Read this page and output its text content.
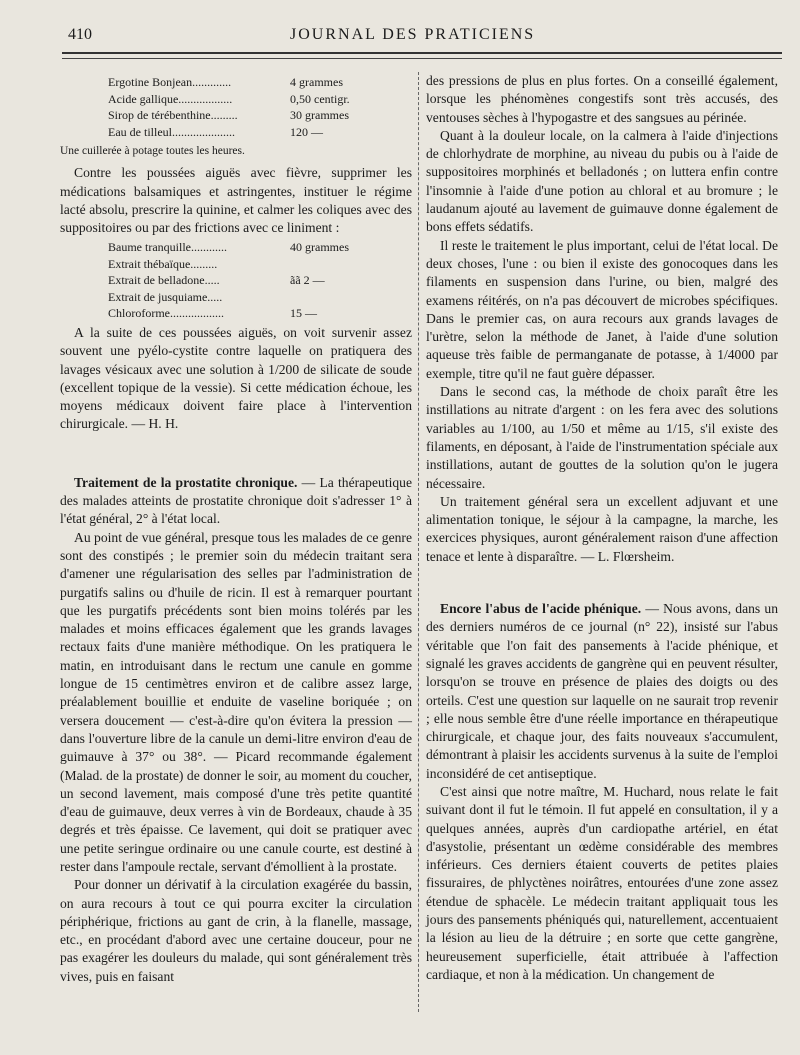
410	JOURNAL DES PRATICIENS
Ergotine Bonjean.............	4 grammes
Acide gallique..................	0,50 centigr.
Sirop de térébenthine.........	30 grammes
Eau de tilleul.....................	120 —

Une cuillerée à potage toutes les heures.

Contre les poussées aiguës avec fièvre, supprimer les médications balsamiques et astringentes, instituer le régime lacté absolu, prescrire la quinine, et calmer les coliques avec des suppositoires ou par des frictions avec ce liniment :

Baume tranquille............	40 grammes
Extrait thébaïque.........
Extrait de belladone.....	ãã 2 —
Extrait de jusquiame.....
Chloroforme..................	15 —

A la suite de ces poussées aiguës, on voit survenir assez souvent une pyélo-cystite contre laquelle on pratiquera des lavages vésicaux avec une solution à 1/200 de silicate de soude (excellent topique de la vessie). Si cette médication échoue, les moyens médicaux doivent faire place à l'intervention chirurgicale. — H. H.

Traitement de la prostatite chronique. — La thérapeutique des malades atteints de prostatite chronique doit s'adresser 1° à l'état général, 2° à l'état local.

Au point de vue général, presque tous les malades de ce genre sont des constipés ; le premier soin du médecin traitant sera d'amener une régularisation des selles par l'administration de purgatifs salins ou d'huile de ricin. Il est à remarquer pourtant que les purgatifs précédents sont bien moins tolérés par les malades et moins efficaces également que les grands lavages rectaux faits d'une manière méthodique. On les pratiquera le matin, en introduisant dans le rectum une canule en gomme longue de 15 centimètres environ et de calibre assez large, préalablement bouillie et enduite de vaseline boriquée ; on versera doucement — c'est-à-dire qu'on évitera la pression — dans l'ouverture libre de la canule un demi-litre environ d'eau de guimauve à 37° ou 38°. — Picard recommande également (Malad. de la prostate) de donner le soir, au moment du coucher, un second lavement, mais composé d'une très petite quantité d'eau de guimauve, deux verres à vin de Bordeaux, chaude à 35 degrés et très épaisse. Ce lavement, qui doit se pratiquer avec une petite seringue ordinaire ou une canule courte, est destiné à rester dans l'ampoule rectale, servant d'émollient à la prostate.

Pour donner un dérivatif à la circulation exagérée du bassin, on aura recours à tout ce qui pourra exciter la circulation périphérique, frictions au gant de crin, à la flanelle, massage, etc., en procédant d'abord avec une certaine douceur, pour ne pas exagérer les douleurs du malade, qui sont généralement très vives, puis en faisant

des pressions de plus en plus fortes. On a conseillé également, lorsque les phénomènes congestifs sont très accusés, des ventouses sèches à l'hypogastre et des sangsues au périnée.

Quant à la douleur locale, on la calmera à l'aide d'injections de chlorhydrate de morphine, au niveau du pubis ou à l'aide de suppositoires morphinés et belladonés ; on luttera enfin contre l'insomnie à l'aide d'une potion au chloral et au bromure ; le laudanum ajouté au lavement de guimauve donne également de bons effets sédatifs.

Il reste le traitement le plus important, celui de l'état local. De deux choses, l'une : ou bien il existe des gonocoques dans les filaments en suspension dans l'urine, ou bien, malgré des examens réitérés, on n'a pas découvert de microbes spécifiques. Dans le premier cas, on aura recours aux grands lavages de l'urètre, selon la méthode de Janet, à l'aide d'une solution aqueuse très faible de permanganate de potasse, à 1/4000 par exemple, titre qu'il ne faut guère dépasser.

Dans le second cas, la méthode de choix paraît être les instillations au nitrate d'argent : on les fera avec des solutions variables au 1/100, au 1/50 et même au 1/15, s'il existe des filaments, en déposant, à l'aide de l'instrumentation spéciale aux instillations, autant de gouttes de la solution qu'on le jugera nécessaire.

Un traitement général sera un excellent adjuvant et une alimentation tonique, le séjour à la campagne, la marche, les exercices physiques, auront généralement raison d'une affection tenace et lente à disparaître. — L. Flœrsheim.

Encore l'abus de l'acide phénique. — Nous avons, dans un des derniers numéros de ce journal (n° 22), insisté sur l'abus véritable que l'on fait des pansements à l'acide phénique, et signalé les graves accidents de gangrène qui en peuvent résulter, lorsqu'on se trouve en présence de plaies des doigts ou des orteils. C'est une question sur laquelle on ne saurait trop revenir ; elle nous semble être d'une réelle importance en thérapeutique chirurgicale, et chaque jour, des faits nouveaux s'accumulent, démontrant à plaisir les accidents survenus à la suite de l'emploi inconsidéré de cet antiseptique.

C'est ainsi que notre maître, M. Huchard, nous relate le fait suivant dont il fut le témoin. Il fut appelé en consultation, il y a quelques années, auprès d'un cardiopathe artériel, en état d'asystolie, présentant un œdème considérable des membres inférieurs. Ces derniers étaient couverts de petites plaies fissuraires, de phlyctènes noirâtres, entourées d'une zone assez étendue de sphacèle. Le médecin traitant appliquait tous les jours des pansements phéniqués qui, naturellement, accentuaient la lésion au lieu de la détruire ; en sorte que cette gangrène, heureusement superficielle, était attribuée à l'affection cardiaque, et non à la médication. Un changement de
